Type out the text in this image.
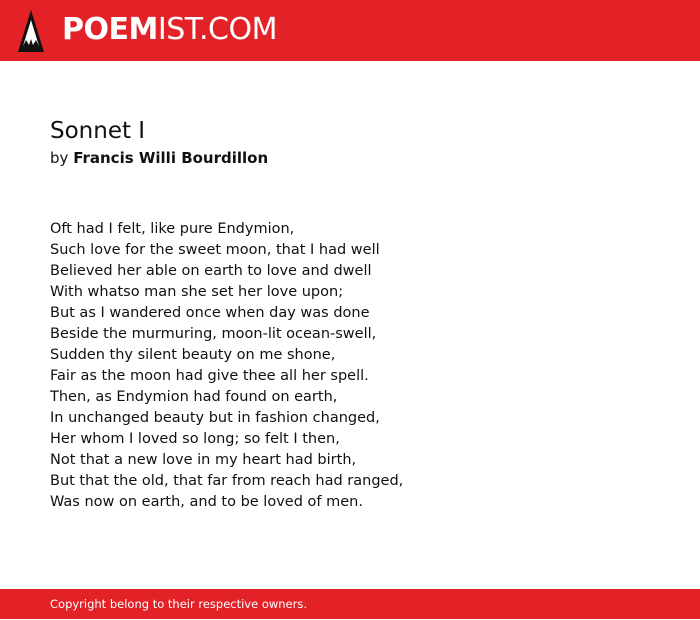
POEMIST.COM
Sonnet I

by Francis Willi Bourdillon

Oft had I felt, like pure Endymion,
Such love for the sweet moon, that I had well
Believed her able on earth to love and dwell
With whatso man she set her love upon;
But as I wandered once when day was done
Beside the murmuring, moon-lit ocean-swell,
Sudden thy silent beauty on me shone,
Fair as the moon had give thee all her spell.
Then, as Endymion had found on earth,
In unchanged beauty but in fashion changed,
Her whom I loved so long; so felt I then,
Not that a new love in my heart had birth,
But that the old, that far from reach had ranged,
Was now on earth, and to be loved of men.
Copyright belong to their respective owners.
